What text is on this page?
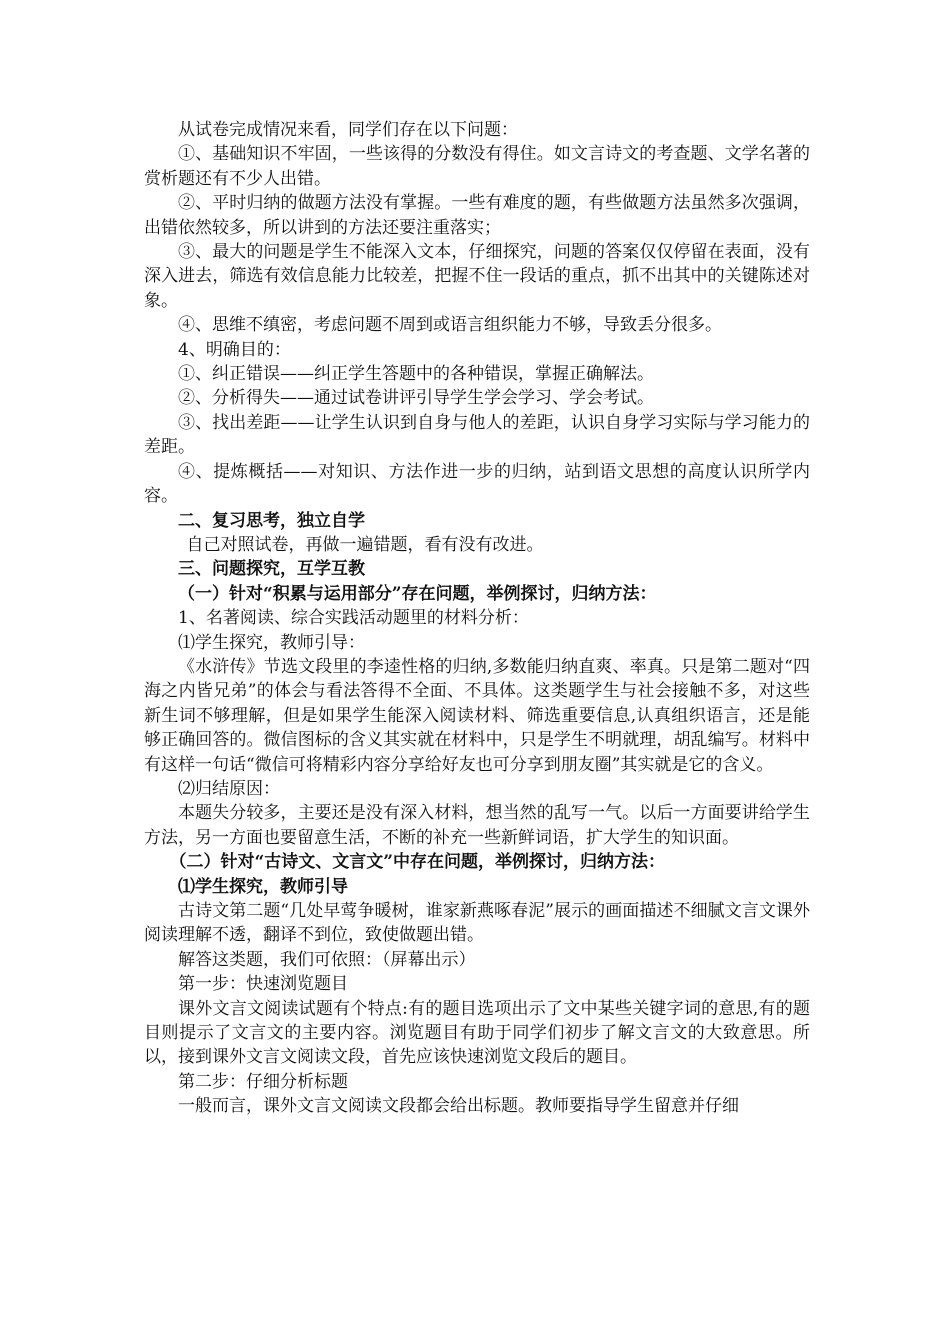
从试卷完成情况来看，同学们存在以下问题：

①、基础知识不牢固，一些该得的分数没有得住。如文言诗文的考查题、文学名著的赏析题还有不少人出错。

②、平时归纳的做题方法没有掌握。一些有难度的题，有些做题方法虽然多次强调，出错依然较多，所以讲到的方法还要注重落实；

③、最大的问题是学生不能深入文本，仔细探究，问题的答案仅仅停留在表面，没有深入进去，筛选有效信息能力比较差，把握不住一段话的重点，抓不出其中的关键陈述对象。

④、思维不缜密，考虑问题不周到或语言组织能力不够，导致丢分很多。

4、明确目的：

①、纠正错误——纠正学生答题中的各种错误，掌握正确解法。

②、分析得失——通过试卷讲评引导学生学会学习、学会考试。

③、找出差距——让学生认识到自身与他人的差距，认识自身学习实际与学习能力的差距。

④、提炼概括——对知识、方法作进一步的归纳，站到语文思想的高度认识所学内容。

二、复习思考，独立自学

自己对照试卷，再做一遍错题，看有没有改进。

三、问题探究，互学互教

（一）针对“积累与运用部分”存在问题，举例探讨，归纳方法：

1、名著阅读、综合实践活动题里的材料分析：

⑴学生探究，教师引导：

《水浒传》节选文段里的李逵性格的归纳,多数能归纳直爽、率真。只是第二题对“四海之内皆兄弟”的体会与看法答得不全面、不具体。这类题学生与社会接触不多，对这些新生词不够理解，但是如果学生能深入阅读材料、筛选重要信息,认真组织语言，还是能够正确回答的。微信图标的含义其实就在材料中，只是学生不明就理，胡乱编写。材料中有这样一句话“微信可将精彩内容分享给好友也可分享到朋友圈”其实就是它的含义。

⑵归结原因：

本题失分较多，主要还是没有深入材料，想当然的乱写一气。以后一方面要讲给学生方法，另一方面也要留意生活，不断的补充一些新鲜词语，扩大学生的知识面。

（二）针对“古诗文、文言文”中存在问题，举例探讨，归纳方法：

⑴学生探究，教师引导

古诗文第二题“几处早莺争暖树，谁家新燕啄春泥”展示的画面描述不细腻文言文课外阅读理解不透，翻译不到位，致使做题出错。

解答这类题，我们可依照：（屏幕出示）

第一步：快速浏览题目

课外文言文阅读试题有个特点:有的题目选项出示了文中某些关键字词的意思,有的题目则提示了文言文的主要内容。浏览题目有助于同学们初步了解文言文的大致意思。所以，接到课外文言文阅读文段，首先应该快速浏览文段后的题目。

第二步：仔细分析标题

一般而言，课外文言文阅读文段都会给出标题。教师要指导学生留意并仔细
